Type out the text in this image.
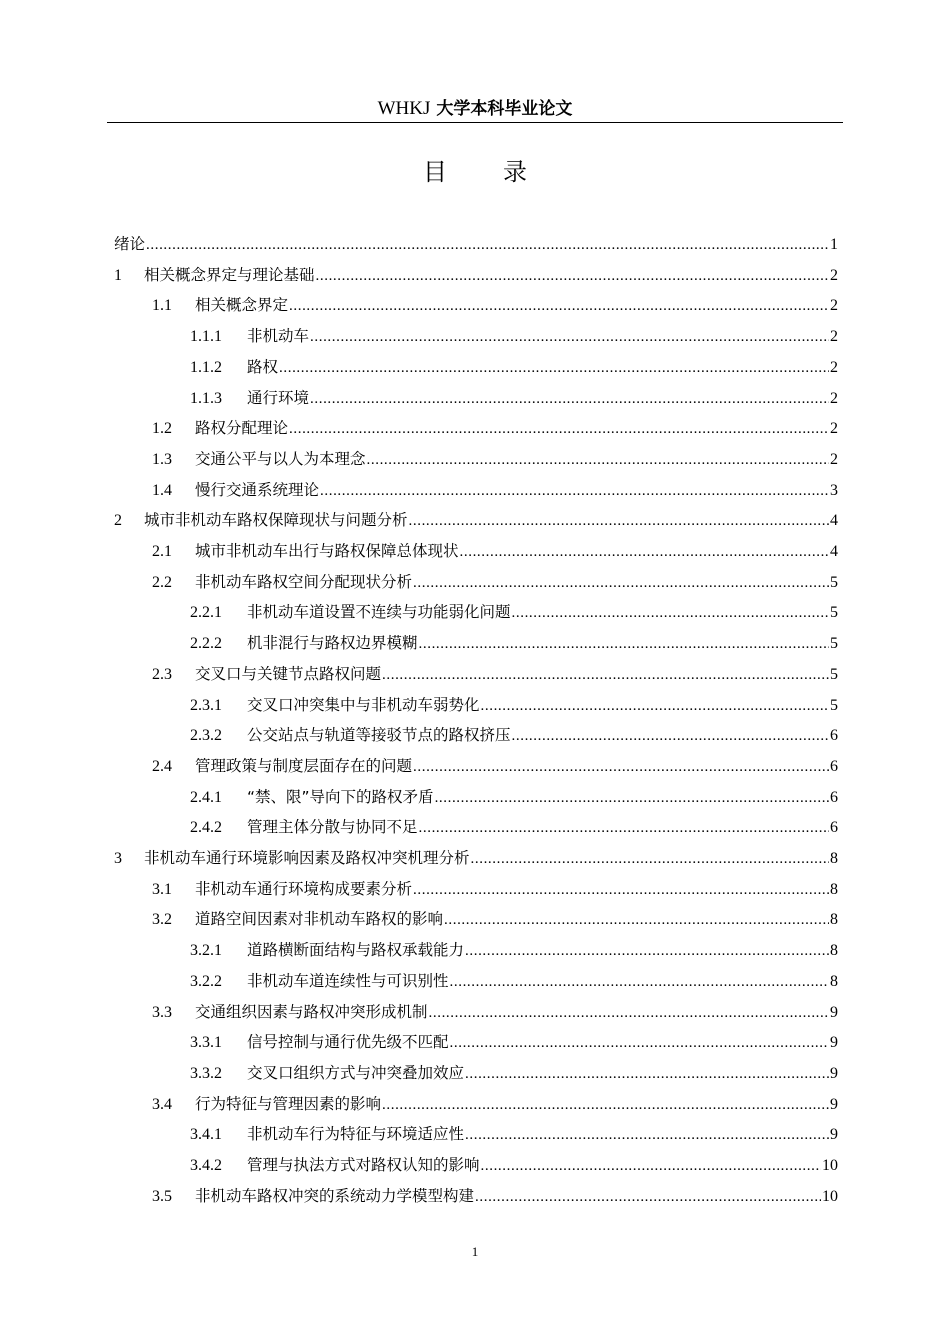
WHKJ 大学本科毕业论文
目录
绪论 .....	1
1	相关概念界定与理论基础 .....	2
1.1	相关概念界定 .....	2
1.1.1	非机动车 .....	2
1.1.2	路权 .....	2
1.1.3	通行环境 .....	2
1.2	路权分配理论 .....	2
1.3	交通公平与以人为本理念 .....	2
1.4	慢行交通系统理论 .....	3
2	城市非机动车路权保障现状与问题分析 .....	4
2.1	城市非机动车出行与路权保障总体现状 .....	4
2.2	非机动车路权空间分配现状分析 .....	5
2.2.1	非机动车道设置不连续与功能弱化问题 .....	5
2.2.2	机非混行与路权边界模糊 .....	5
2.3	交叉口与关键节点路权问题 .....	5
2.3.1	交叉口冲突集中与非机动车弱势化 .....	5
2.3.2	公交站点与轨道等接驳节点的路权挤压 .....	6
2.4	管理政策与制度层面存在的问题 .....	6
2.4.1	“禁、限”导向下的路权矛盾 .....	6
2.4.2	管理主体分散与协同不足 .....	6
3	非机动车通行环境影响因素及路权冲突机理分析 .....	8
3.1	非机动车通行环境构成要素分析 .....	8
3.2	道路空间因素对非机动车路权的影响 .....	8
3.2.1	道路横断面结构与路权承载能力 .....	8
3.2.2	非机动车道连续性与可识别性 .....	8
3.3	交通组织因素与路权冲突形成机制 .....	9
3.3.1	信号控制与通行优先级不匹配 .....	9
3.3.2	交叉口组织方式与冲突叠加效应 .....	9
3.4	行为特征与管理因素的影响 .....	9
3.4.1	非机动车行为特征与环境适应性 .....	9
3.4.2	管理与执法方式对路权认知的影响 .....	10
3.5	非机动车路权冲突的系统动力学模型构建 .....	10
1
